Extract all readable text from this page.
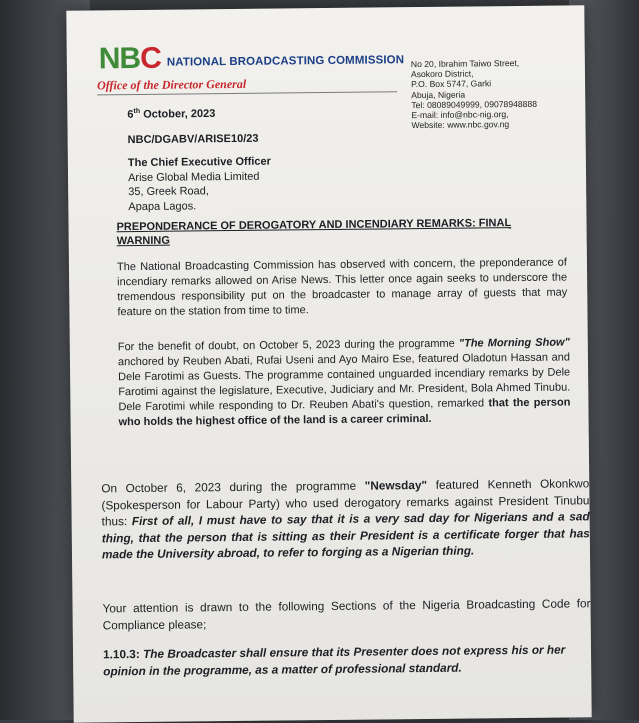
NBC NATIONAL BROADCASTING COMMISSION
Office of the Director General
No 20, Ibrahim Taiwo Street,
Asokoro District,
P.O. Box 5747, Garki
Abuja, Nigeria
Tel: 08089049999, 09078948888
E-mail: info@nbc-nig.org,
Website: www.nbc.gov.ng
6th October, 2023
NBC/DGABV/ARISE10/23
The Chief Executive Officer
Arise Global Media Limited
35, Greek Road,
Apapa Lagos.
PREPONDERANCE OF DEROGATORY AND INCENDIARY REMARKS: FINAL WARNING
The National Broadcasting Commission has observed with concern, the preponderance of incendiary remarks allowed on Arise News. This letter once again seeks to underscore the tremendous responsibility put on the broadcaster to manage array of guests that may feature on the station from time to time.
For the benefit of doubt, on October 5, 2023 during the programme "The Morning Show" anchored by Reuben Abati, Rufai Useni and Ayo Mairo Ese, featured Oladotun Hassan and Dele Farotimi as Guests. The programme contained unguarded incendiary remarks by Dele Farotimi against the legislature, Executive, Judiciary and Mr. President, Bola Ahmed Tinubu. Dele Farotimi while responding to Dr. Reuben Abati's question, remarked that the person who holds the highest office of the land is a career criminal.
On October 6, 2023 during the programme "Newsday" featured Kenneth Okonkwo (Spokesperson for Labour Party) who used derogatory remarks against President Tinubu thus: First of all, I must have to say that it is a very sad day for Nigerians and a sad thing, that the person that is sitting as their President is a certificate forger that has made the University abroad, to refer to forging as a Nigerian thing.
Your attention is drawn to the following Sections of the Nigeria Broadcasting Code for Compliance please;
1.10.3: The Broadcaster shall ensure that its Presenter does not express his or her opinion in the programme, as a matter of professional standard.
